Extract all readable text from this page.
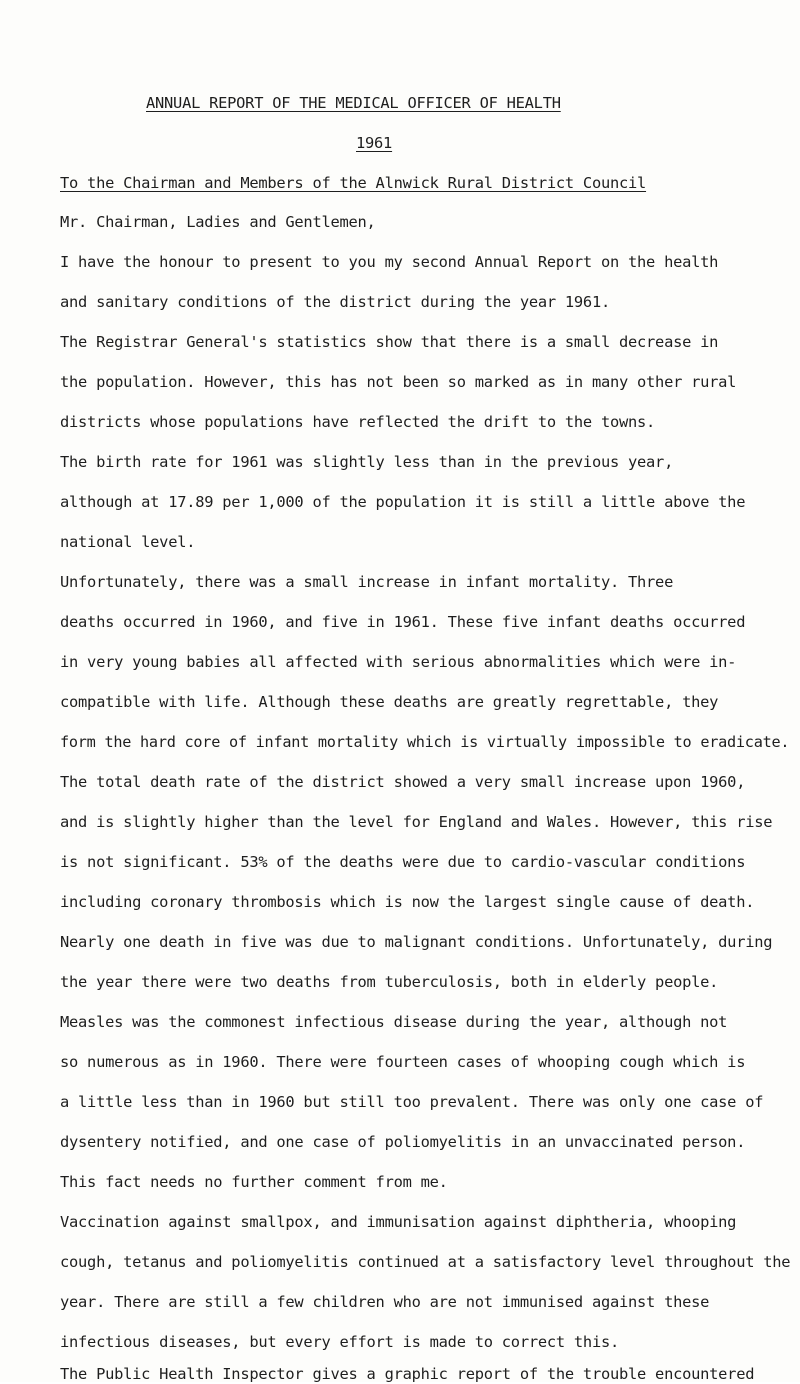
ANNUAL REPORT OF THE MEDICAL OFFICER OF HEALTH
1961
To the Chairman and Members of the Alnwick Rural District Council
Mr. Chairman, Ladies and Gentlemen,
I have the honour to present to you my second Annual Report on the health
and sanitary conditions of the district during the year 1961.
The Registrar General's statistics show that there is a small decrease in
the population. However, this has not been so marked as in many other rural
districts whose populations have reflected the drift to the towns.
The birth rate for 1961 was slightly less than in the previous year,
although at 17.89 per 1,000 of the population it is still a little above the
national level.
Unfortunately, there was a small increase in infant mortality. Three
deaths occurred in 1960, and five in 1961. These five infant deaths occurred
in very young babies all affected with serious abnormalities which were in-
compatible with life. Although these deaths are greatly regrettable, they
form the hard core of infant mortality which is virtually impossible to eradicate.
The total death rate of the district showed a very small increase upon 1960,
and is slightly higher than the level for England and Wales. However, this rise
is not significant. 53% of the deaths were due to cardio-vascular conditions
including coronary thrombosis which is now the largest single cause of death.
Nearly one death in five was due to malignant conditions. Unfortunately, during
the year there were two deaths from tuberculosis, both in elderly people.
Measles was the commonest infectious disease during the year, although not
so numerous as in 1960. There were fourteen cases of whooping cough which is
a little less than in 1960 but still too prevalent. There was only one case of
dysentery notified, and one case of poliomyelitis in an unvaccinated person.
This fact needs no further comment from me.
Vaccination against smallpox, and immunisation against diphtheria, whooping
cough, tetanus and poliomyelitis continued at a satisfactory level throughout the
year. There are still a few children who are not immunised against these
infectious diseases, but every effort is made to correct this.
The Public Health Inspector gives a graphic report of the trouble encountered
